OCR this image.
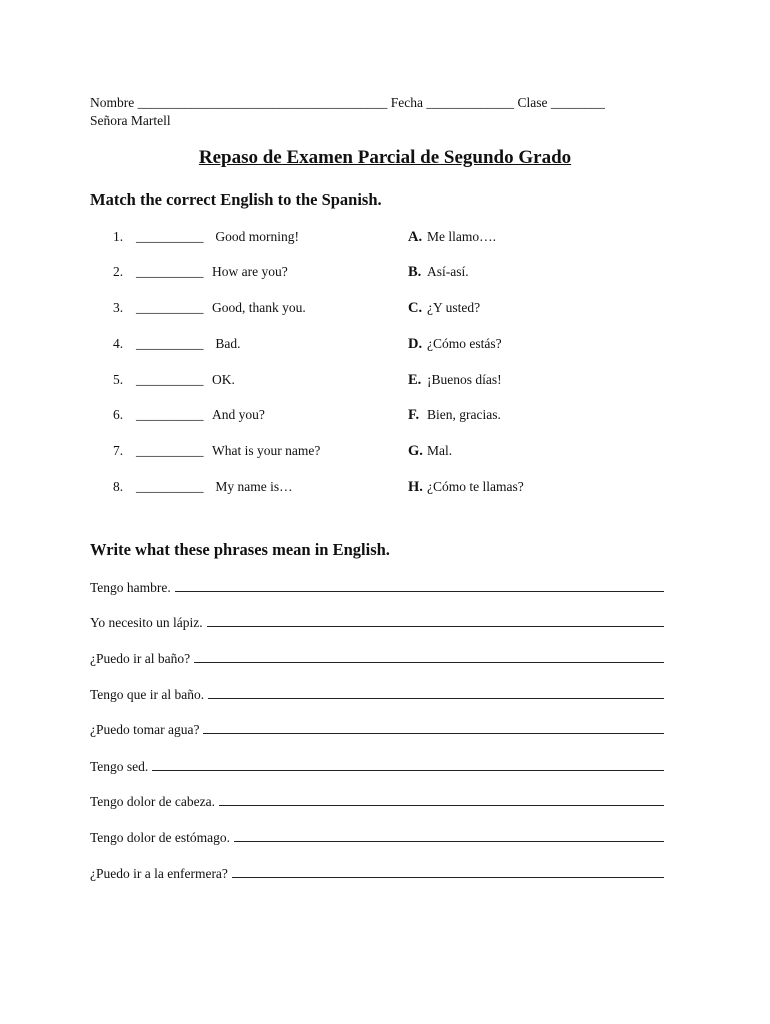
Nombre _____________________________________ Fecha _____________ Clase ________
Señora Martell
Repaso de Examen Parcial de Segundo Grado
Match the correct English to the Spanish.
1. __________ Good morning!	A. Me llamo….
2. __________ How are you?	B. Así-así.
3. __________ Good, thank you.	C. ¿Y usted?
4. __________ Bad.	D. ¿Cómo estás?
5. __________ OK.	E. ¡Buenos días!
6. __________ And you?	F. Bien, gracias.
7. __________ What is your name?	G. Mal.
8. __________ My name is…	H. ¿Cómo te llamas?
Write what these phrases mean in English.
Tengo hambre.
Yo necesito un lápiz.
¿Puedo ir al baño?
Tengo que ir al baño.
¿Puedo tomar agua?
Tengo sed.
Tengo dolor de cabeza.
Tengo dolor de estómago.
¿Puedo ir a la enfermera?
